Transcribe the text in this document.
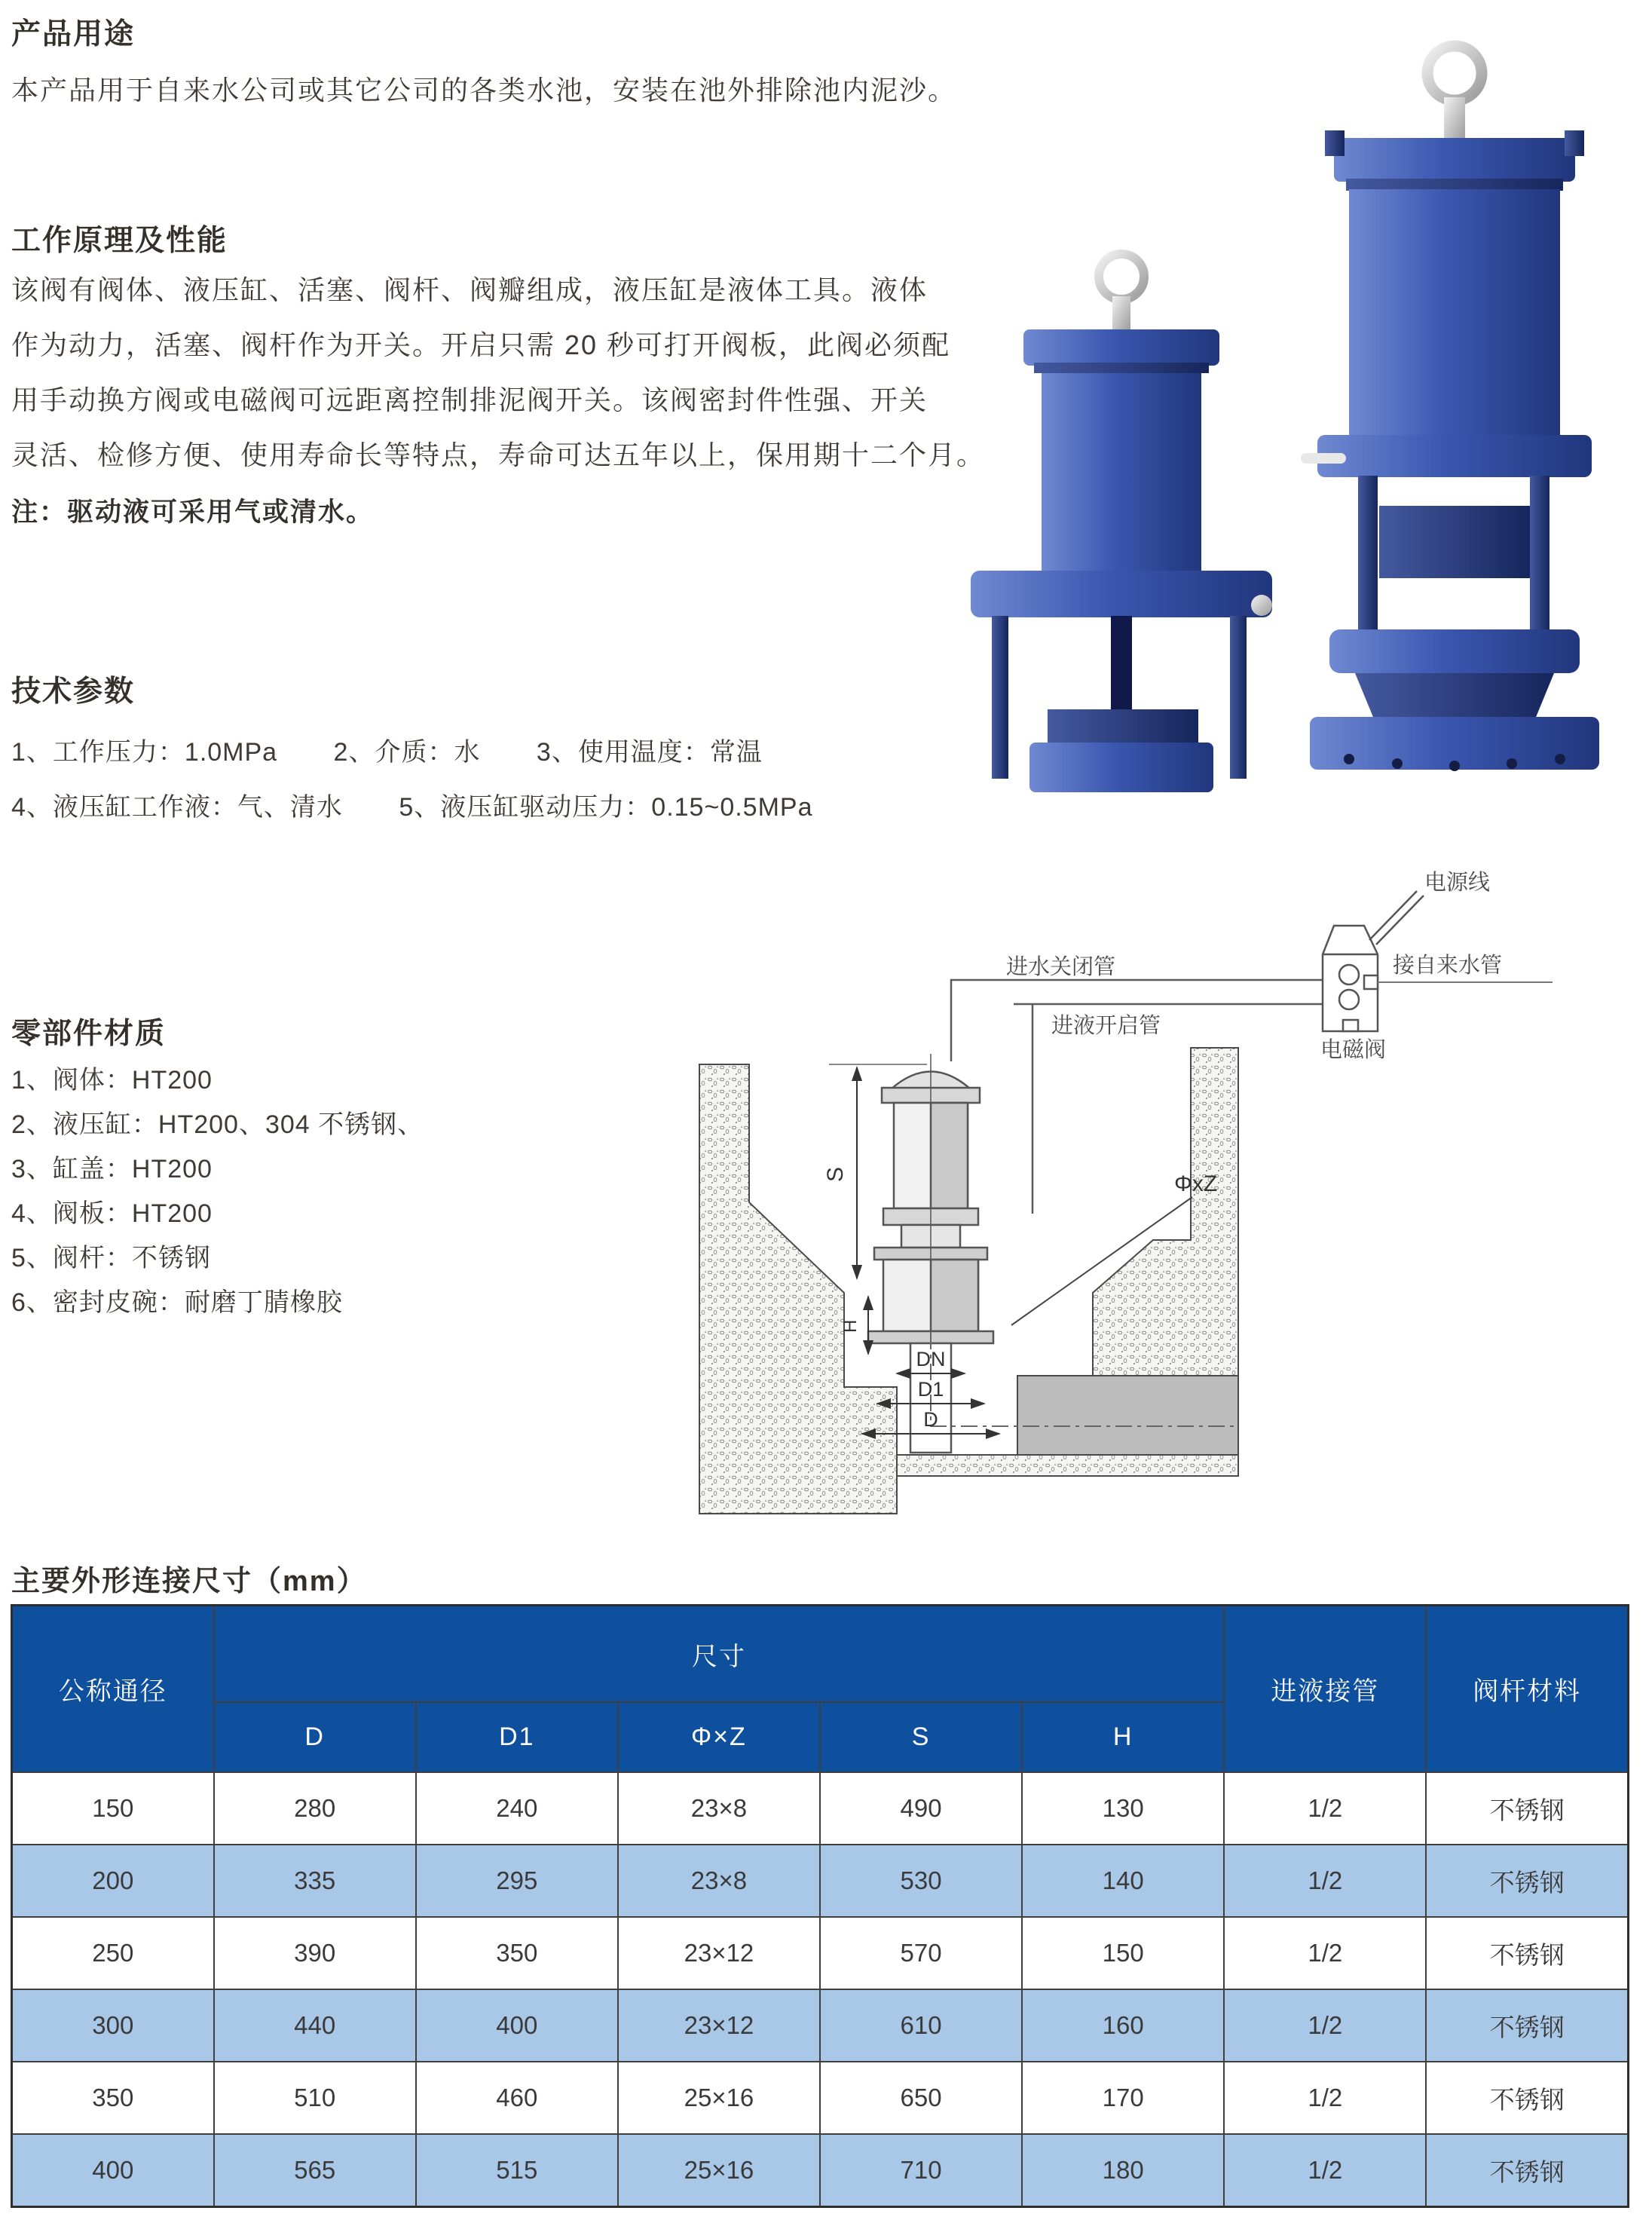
产品用途
本产品用于自来水公司或其它公司的各类水池，安装在池外排除池内泥沙。
工作原理及性能
该阀有阀体、液压缸、活塞、阀杆、阀瓣组成，液压缸是液体工具。液体
作为动力，活塞、阀杆作为开关。开启只需 20 秒可打开阀板，此阀必须配
用手动换方阀或电磁阀可远距离控制排泥阀开关。该阀密封件性强、开关
灵活、检修方便、使用寿命长等特点，寿命可达五年以上，保用期十二个月。
注：驱动液可采用气或清水。
技术参数
1、工作压力：1.0MPa 2、介质：水 3、使用温度：常温
4、液压缸工作液：气、清水 5、液压缸驱动压力：0.15~0.5MPa
零部件材质
1、阀体：HT200
2、液压缸：HT200、304 不锈钢、
3、缸盖：HT200
4、阀板：HT200
5、阀杆：不锈钢
6、密封皮碗：耐磨丁腈橡胶
S
H
DN
D1
D
ΦxZ
进水关闭管
进液开启管
电源线
接自来水管
电磁阀
主要外形连接尺寸（mm）
公称通径	尺寸					进液接管	阀杆材料
	D	D1	Φ×Z	S	H		
150	280	240	23×8	490	130	1/2	不锈钢
200	335	295	23×8	530	140	1/2	不锈钢
250	390	350	23×12	570	150	1/2	不锈钢
300	440	400	23×12	610	160	1/2	不锈钢
350	510	460	25×16	650	170	1/2	不锈钢
400	565	515	25×16	710	180	1/2	不锈钢
